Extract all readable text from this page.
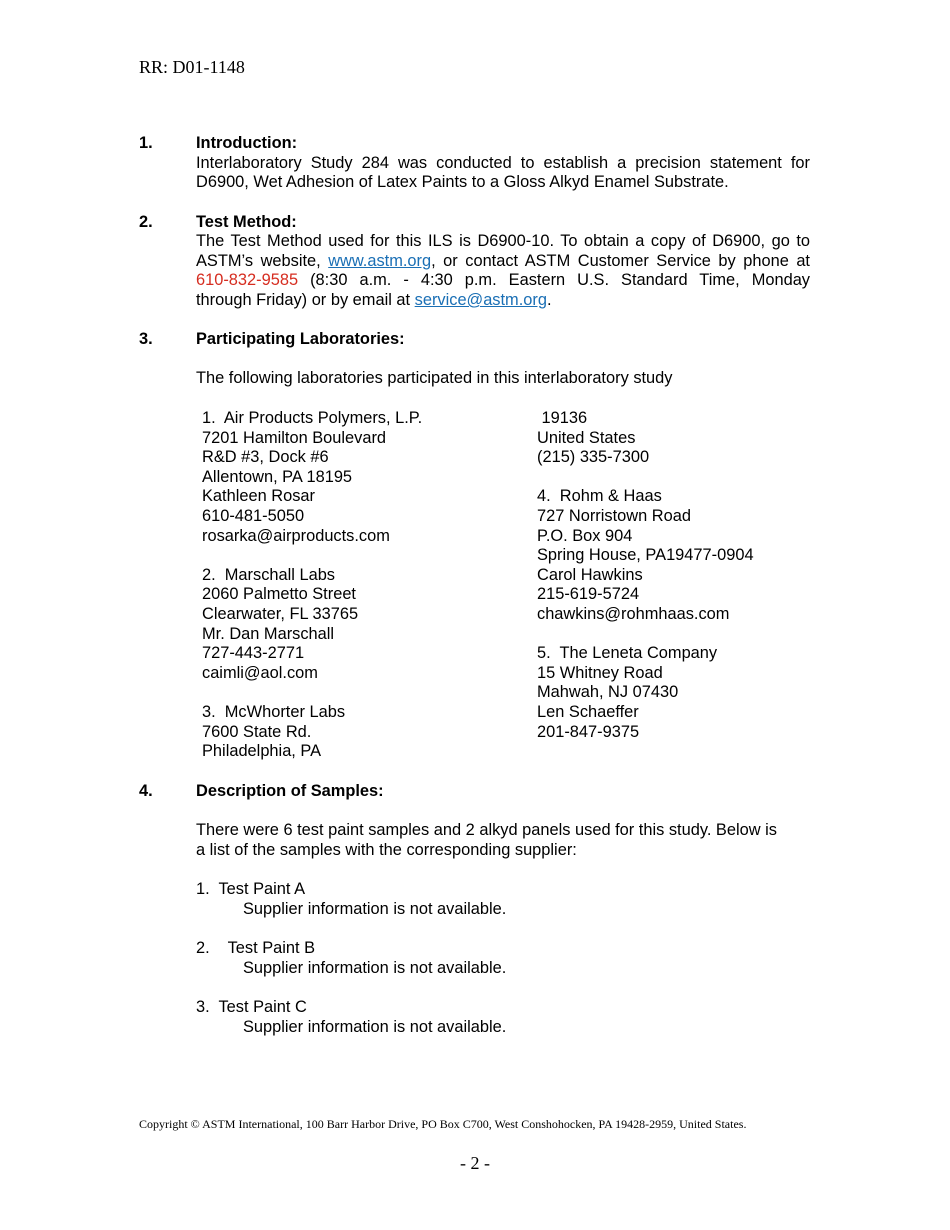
RR: D01-1148
1.	Introduction:
Interlaboratory Study 284 was conducted to establish a precision statement for
D6900, Wet Adhesion of Latex Paints to a Gloss Alkyd Enamel Substrate.
2.	Test Method:
The Test Method used for this ILS is D6900-10. To obtain a copy of D6900, go to
ASTM’s website, www.astm.org, or contact ASTM Customer Service by phone at
610-832-9585 (8:30 a.m. - 4:30 p.m. Eastern U.S. Standard Time, Monday
through Friday) or by email at service@astm.org.
3.	Participating Laboratories:
The following laboratories participated in this interlaboratory study
1.  Air Products Polymers, L.P.
7201 Hamilton Boulevard
R&D #3, Dock #6
Allentown, PA 18195
Kathleen Rosar
610-481-5050
rosarka@airproducts.com
2.  Marschall Labs
2060 Palmetto Street
Clearwater, FL 33765
Mr. Dan Marschall
727-443-2771
caimli@aol.com
3.  McWhorter Labs
7600 State Rd.
Philadelphia, PA
19136
United States
(215) 335-7300
4.  Rohm & Haas
727 Norristown Road
P.O. Box 904
Spring House, PA19477-0904
Carol Hawkins
215-619-5724
chawkins@rohmhaas.com
5.  The Leneta Company
15 Whitney Road
Mahwah, NJ 07430
Len Schaeffer
201-847-9375
4.	Description of Samples:
There were 6 test paint samples and 2 alkyd panels used for this study. Below is
a list of the samples with the corresponding supplier:
1.  Test Paint A
Supplier information is not available.
2.    Test Paint B
Supplier information is not available.
3.  Test Paint C
Supplier information is not available.
Copyright © ASTM International, 100 Barr Harbor Drive, PO Box C700, West Conshohocken, PA 19428-2959, United States.
- 2 -
